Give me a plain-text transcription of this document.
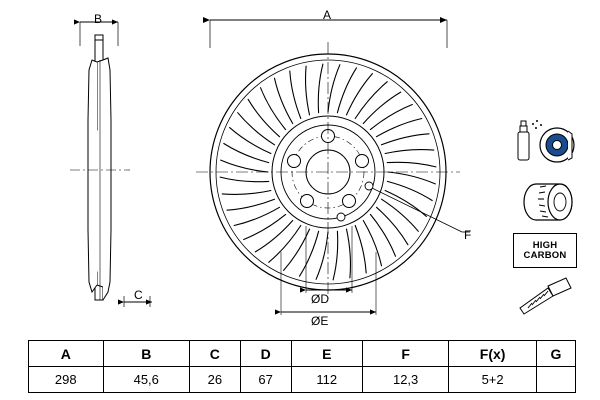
B
C
A
F
ØD
ØE
HIGH
CARBON
A	B	C	D	E	F	F(x)	G
298	45,6	26	67	112	12,3	5+2	
